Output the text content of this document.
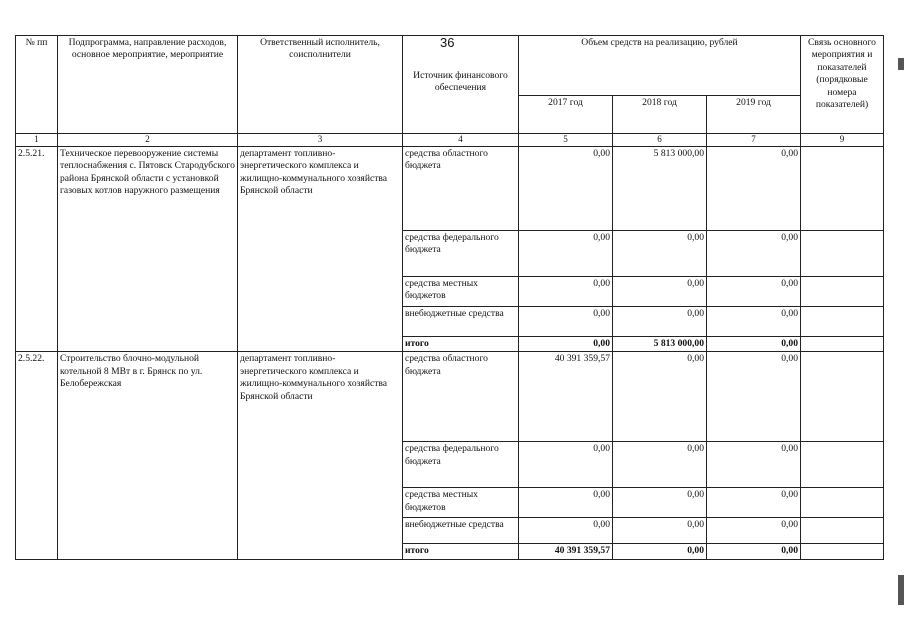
36
№ пп	Подпрограмма, направление расходов, основное мероприятие, мероприятие	Ответственный исполнитель, соисполнители	Источник финансового обеспечения	Объем средств на реализацию, рублей			Связь основного мероприятия и показателей (порядковые номера показателей)
				2017 год	2018 год	2019 год	
1	2	3	4	5	6	7	9
2.5.21.	Техническое перевооружение системы теплоснабжения с. Пятовск Стародубского района Брянской области с установкой газовых котлов наружного размещения	департамент топливно-энергетического комплекса и жилищно-коммунального хозяйства Брянской области	средства областного бюджета	0,00	5 813 000,00	0,00	
			средства федерального бюджета	0,00	0,00	0,00	
			средства местных бюджетов	0,00	0,00	0,00	
			внебюджетные средства	0,00	0,00	0,00	
			итого	0,00	5 813 000,00	0,00	
2.5.22.	Строительство блочно-модульной котельной 8 МВт в г. Брянск по ул. Белобережская	департамент топливно-энергетического комплекса и жилищно-коммунального хозяйства Брянской области	средства областного бюджета	40 391 359,57	0,00	0,00	
			средства федерального бюджета	0,00	0,00	0,00	
			средства местных бюджетов	0,00	0,00	0,00	
			внебюджетные средства	0,00	0,00	0,00	
			итого	40 391 359,57	0,00	0,00	
